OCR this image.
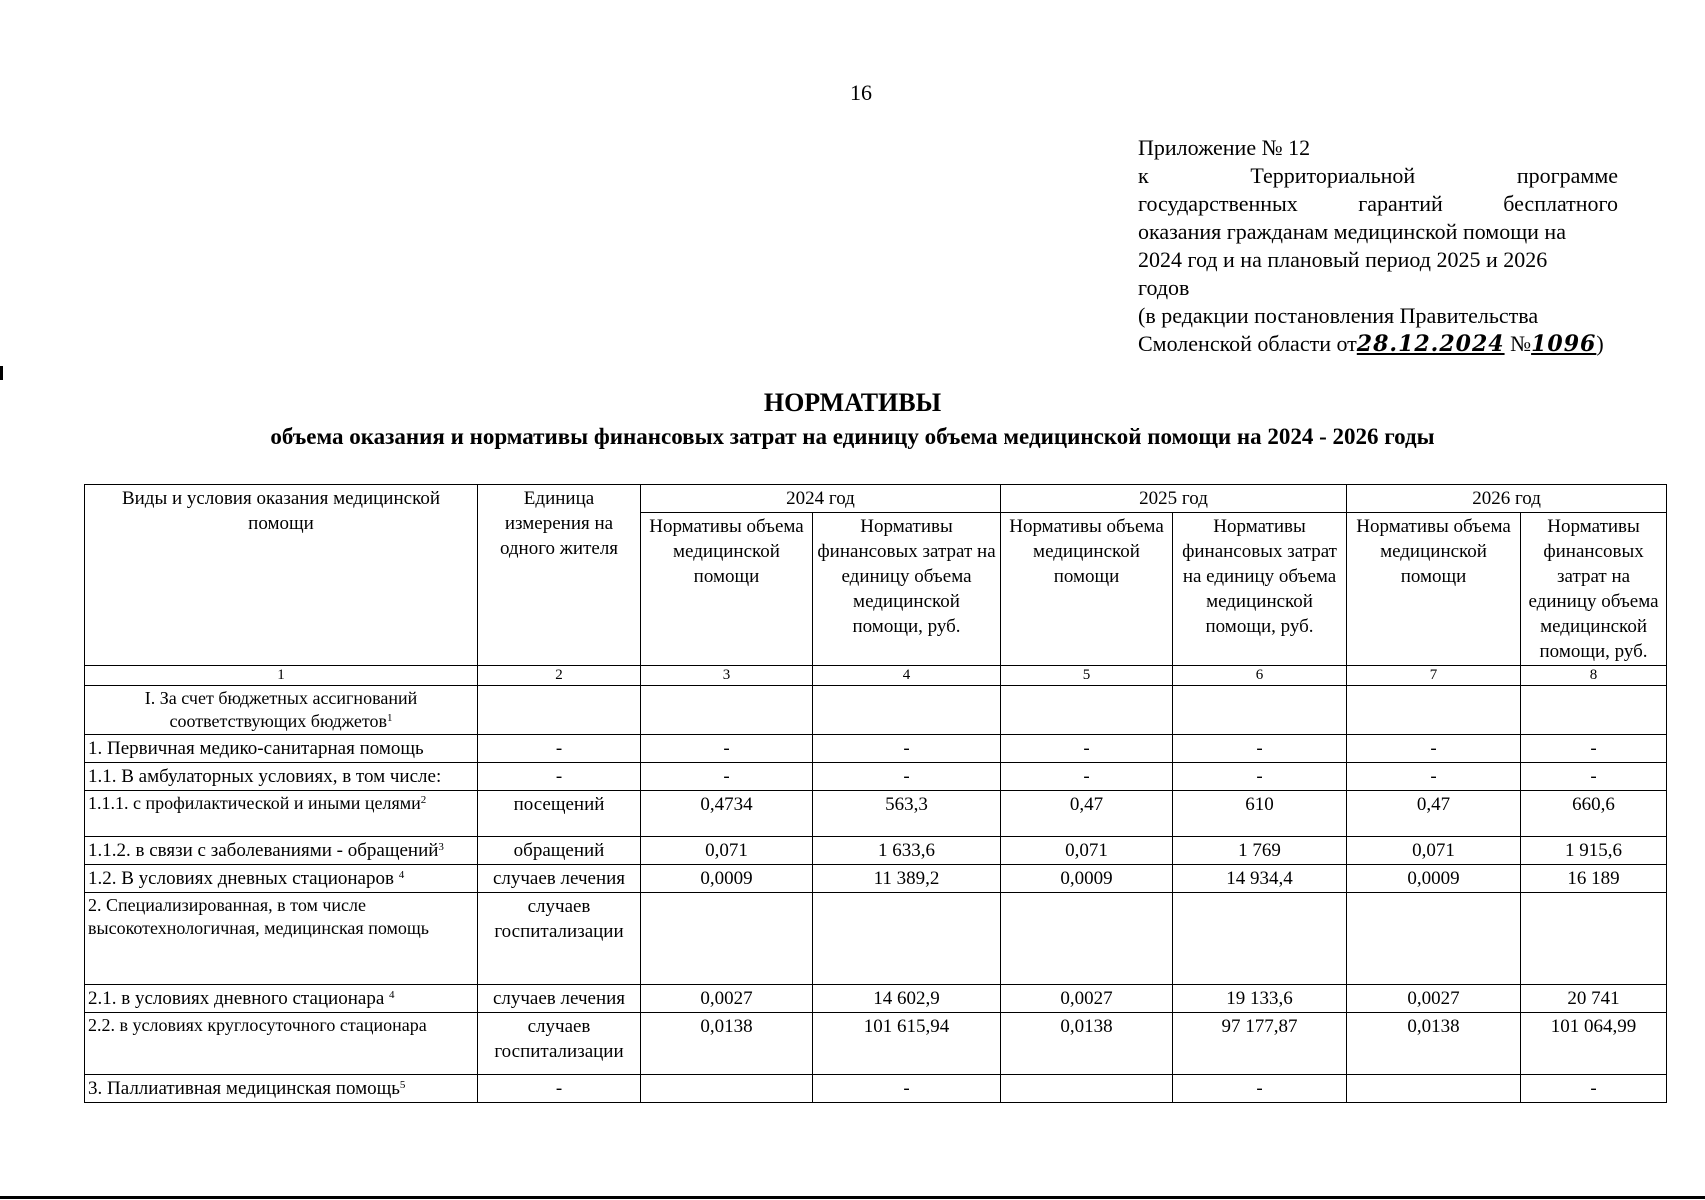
16
Приложение № 12
к	Территориальной	программе
государственных	гарантий	бесплатного
оказания гражданам медицинской помощи на
2024 год и на плановый период 2025 и 2026
годов
(в редакции постановления Правительства
Смоленской области от28.12.2024 №1096)
НОРМАТИВЫ
объема оказания и нормативы финансовых затрат на единицу объема медицинской помощи на 2024 - 2026 годы
Виды и условия оказания медицинской помощи	Единица измерения на одного жителя	2024 год		2025 год		2026 год	
		Нормативы объема медицинской помощи	Нормативы финансовых затрат на единицу объема медицинской помощи, руб.	Нормативы объема медицинской помощи	Нормативы финансовых затрат на единицу объема медицинской помощи, руб.	Нормативы объема медицинской помощи	Нормативы финансовых затрат на единицу объема медицинской помощи, руб.
1	2	3	4	5	6	7	8
I. За счет бюджетных ассигнований соответствующих бюджетов$^1$							
1. Первичная медико-санитарная помощь	-	-	-	-	-	-	-
1.1. В амбулаторных условиях, в том числе:	-	-	-	-	-	-	-
1.1.1. с профилактической и иными целями$^2$	посещений	0,4734	563,3	0,47	610	0,47	660,6
1.1.2. в связи с заболеваниями - обращений$^3$	обращений	0,071	1 633,6	0,071	1 769	0,071	1 915,6
1.2. В условиях дневных стационаров $^4$	случаев лечения	0,0009	11 389,2	0,0009	14 934,4	0,0009	16 189
2. Специализированная, в том числе высокотехнологичная, медицинская помощь	случаев госпитализации						
2.1. в условиях дневного стационара $^4$	случаев лечения	0,0027	14 602,9	0,0027	19 133,6	0,0027	20 741
2.2. в условиях круглосуточного стационара	случаев госпитализации	0,0138	101 615,94	0,0138	97 177,87	0,0138	101 064,99
3. Паллиативная медицинская помощь$^5$	-		-		-		-
